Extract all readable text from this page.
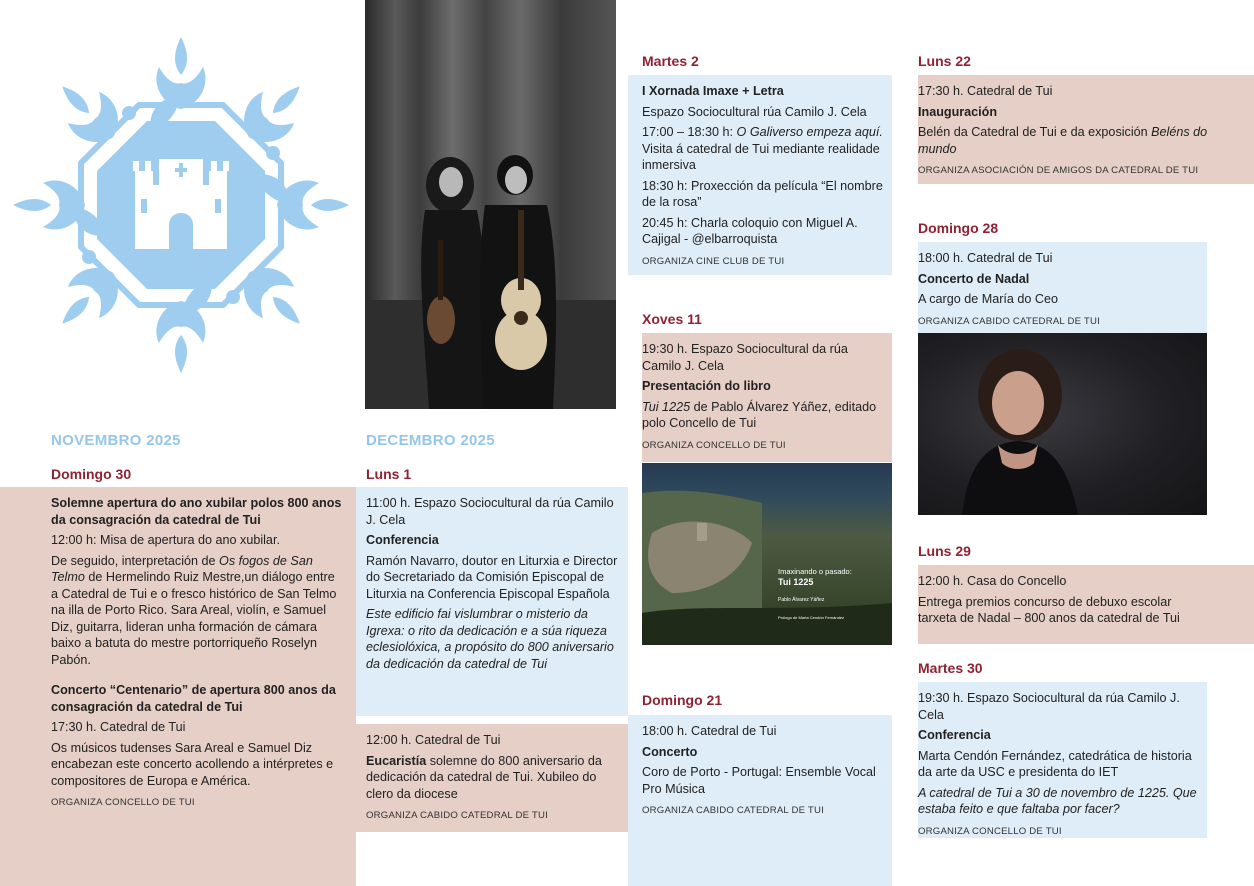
NOVEMBRO 2025
Domingo 30

Solemne apertura do ano xubilar polos 800 anos da consagración da catedral de Tui

12:00 h: Misa de apertura do ano xubilar.

De seguido, interpretación de Os fogos de San Telmo de Hermelindo Ruiz Mestre,un diálogo entre a Catedral de Tui e o fresco histórico de San Telmo na illa de Porto Rico. Sara Areal, violín, e Samuel Diz, guitarra, lideran unha formación de cámara baixo a batuta do mestre portorriqueño Roselyn Pabón.

Concerto “Centenario” de apertura 800 anos da consagración da catedral de Tui

17:30 h. Catedral de Tui

Os músicos tudenses Sara Areal e Samuel Diz encabezan este concerto acollendo a intérpretes e compositores de Europa e América.

ORGANIZA CONCELLO DE TUI
DECEMBRO 2025
Luns 1

11:00 h. Espazo Sociocultural da rúa Camilo J. Cela

Conferencia

Ramón Navarro, doutor en Liturxia e Director do Secretariado da Comisión Episcopal de Liturxia na Conferencia Episcopal Española

Este edificio fai vislumbrar o misterio da Igrexa: o rito da dedicación e a súa riqueza eclesiolóxica, a propósito do 800 aniversario da dedicación da catedral de Tui

12:00 h. Catedral de Tui

Eucaristía solemne do 800 aniversario da dedicación da catedral de Tui. Xubileo do clero da diocese

ORGANIZA CABIDO CATEDRAL DE TUI
Martes 2

I Xornada Imaxe + Letra

Espazo Sociocultural rúa Camilo J. Cela

17:00 – 18:30 h: O Galiverso empeza aquí. Visita á catedral de Tui mediante realidade inmersiva

18:30 h: Proxección da película “El nombre de la rosa”

20:45 h: Charla coloquio con Miguel A. Cajigal - @elbarroquista

ORGANIZA CINE CLUB DE TUI
Xoves 11

19:30 h. Espazo Sociocultural da rúa Camilo J. Cela

Presentación do libro

Tui 1225 de Pablo Álvarez Yáñez, editado polo Concello de Tui

ORGANIZA CONCELLO DE TUI
Imaxinando o pasado:
Tui 1225
Pablo Álvarez Yáñez
Prólogo de Marta Cendón Fernández
Domingo 21

18:00 h. Catedral de Tui

Concerto

Coro de Porto - Portugal: Ensemble Vocal Pro Música

ORGANIZA CABIDO CATEDRAL DE TUI
Luns 22

17:30 h. Catedral de Tui

Inauguración

Belén da Catedral de Tui e da exposición Beléns do mundo

ORGANIZA ASOCIACIÓN DE AMIGOS DA CATEDRAL DE TUI
Domingo 28

18:00 h. Catedral de Tui

Concerto de Nadal

A cargo de María do Ceo

ORGANIZA CABIDO CATEDRAL DE TUI
Luns 29

12:00 h. Casa do Concello

Entrega premios concurso de debuxo escolar tarxeta de Nadal – 800 anos da catedral de Tui

Martes 30

19:30 h. Espazo Sociocultural da rúa Camilo J. Cela

Conferencia

Marta Cendón Fernández, catedrática de historia da arte da USC e presidenta do IET

A catedral de Tui a 30 de novembro de 1225. Que estaba feito e que faltaba por facer?

ORGANIZA CONCELLO DE TUI
